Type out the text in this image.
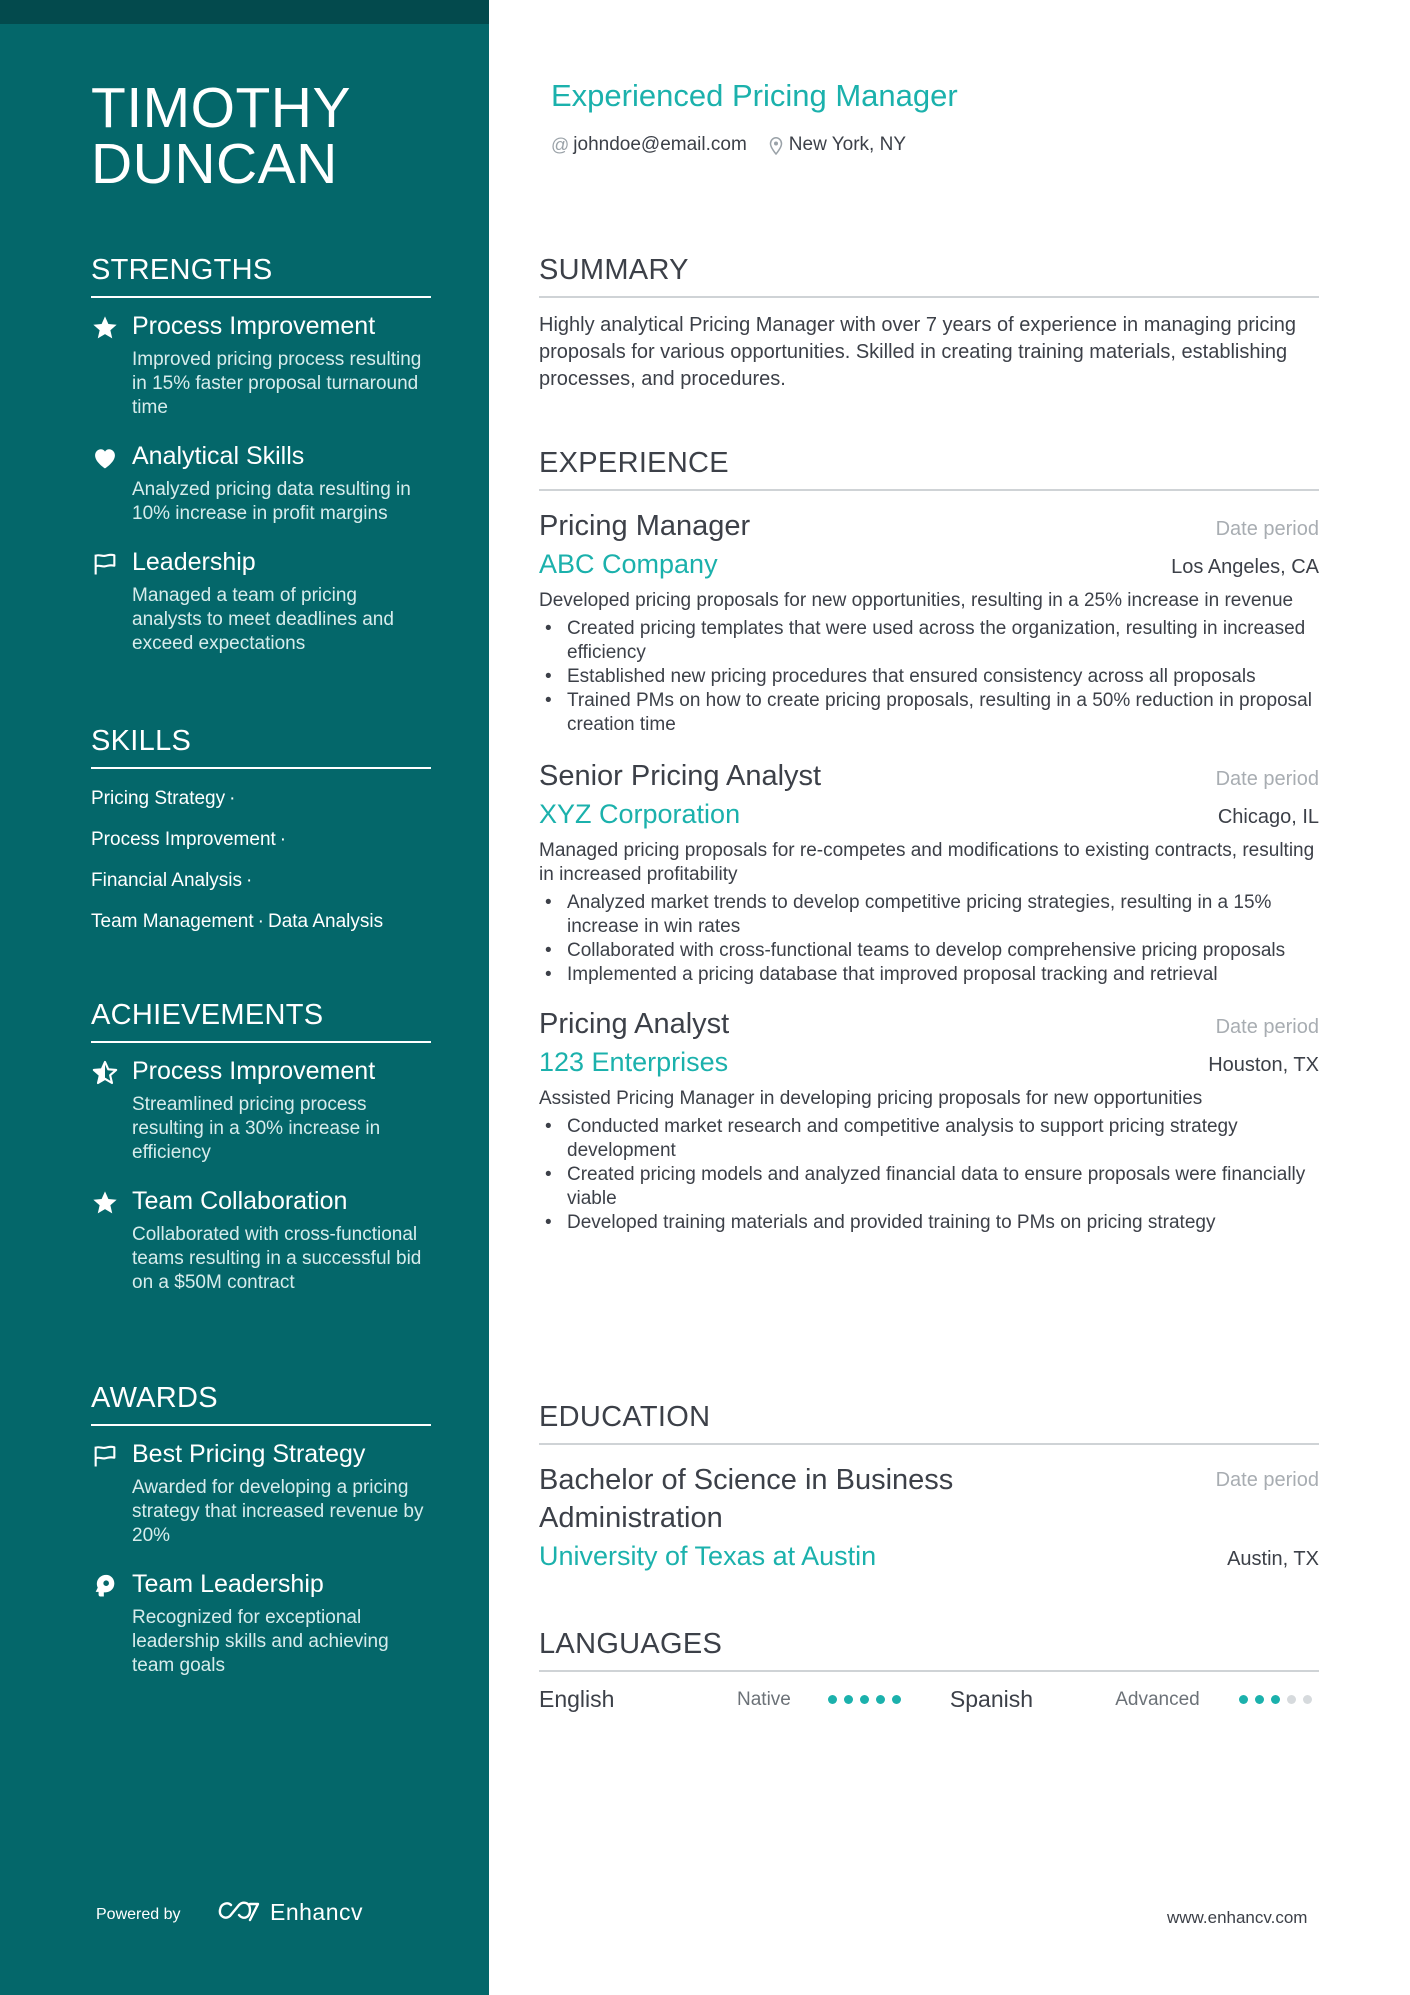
TIMOTHY
DUNCAN
STRENGTHS
Process Improvement
Improved pricing process resulting in 15% faster proposal turnaround time
Analytical Skills
Analyzed pricing data resulting in 10% increase in profit margins
Leadership
Managed a team of pricing analysts to meet deadlines and exceed expectations
SKILLS
Pricing Strategy ·
Process Improvement ·
Financial Analysis ·
Team Management · Data Analysis
ACHIEVEMENTS
Process Improvement
Streamlined pricing process resulting in a 30% increase in efficiency
Team Collaboration
Collaborated with cross-functional teams resulting in a successful bid on a $50M contract
AWARDS
Best Pricing Strategy
Awarded for developing a pricing strategy that increased revenue by 20%
Team Leadership
Recognized for exceptional leadership skills and achieving team goals
Powered by	Enhancv
Experienced Pricing Manager
@ johndoe@email.com New York, NY
SUMMARY
Highly analytical Pricing Manager with over 7 years of experience in managing pricing proposals for various opportunities. Skilled in creating training materials, establishing processes, and procedures.
EXPERIENCE
Pricing Manager	Date period
ABC Company	Los Angeles, CA
Developed pricing proposals for new opportunities, resulting in a 25% increase in revenue
• Created pricing templates that were used across the organization, resulting in increased efficiency
• Established new pricing procedures that ensured consistency across all proposals
• Trained PMs on how to create pricing proposals, resulting in a 50% reduction in proposal creation time
Senior Pricing Analyst	Date period
XYZ Corporation	Chicago, IL
Managed pricing proposals for re-competes and modifications to existing contracts, resulting in increased profitability
• Analyzed market trends to develop competitive pricing strategies, resulting in a 15% increase in win rates
• Collaborated with cross-functional teams to develop comprehensive pricing proposals
• Implemented a pricing database that improved proposal tracking and retrieval
Pricing Analyst	Date period
123 Enterprises	Houston, TX
Assisted Pricing Manager in developing pricing proposals for new opportunities
• Conducted market research and competitive analysis to support pricing strategy development
• Created pricing models and analyzed financial data to ensure proposals were financially viable
• Developed training materials and provided training to PMs on pricing strategy
EDUCATION
Bachelor of Science in Business Administration
Date period
University of Texas at Austin	Austin, TX
LANGUAGES
English	Native	Spanish	Advanced
www.enhancv.com
